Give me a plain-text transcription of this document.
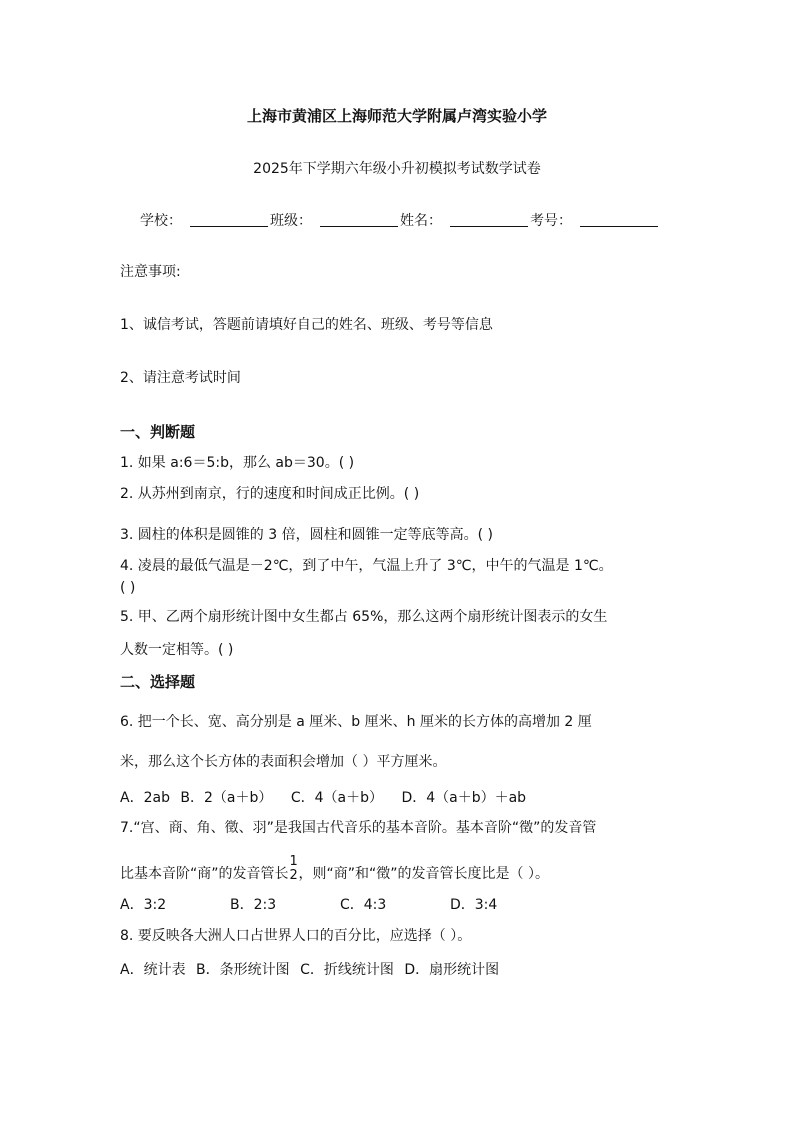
上海市黄浦区上海师范大学附属卢湾实验小学
2025年下学期六年级小升初模拟考试数学试卷
学校：	班级：	姓名：	考号：
注意事项:
1、诚信考试，答题前请填好自己的姓名、班级、考号等信息
2、请注意考试时间
一、判断题
1. 如果 a:6＝5:b，那么 ab＝30。( )
2. 从苏州到南京，行的速度和时间成正比例。( )
3. 圆柱的体积是圆锥的 3 倍，圆柱和圆锥一定等底等高。( )
4. 凌晨的最低气温是－2℃，到了中午，气温上升了 3℃，中午的气温是 1℃。
( )
5. 甲、乙两个扇形统计图中女生都占 65%，那么这两个扇形统计图表示的女生
人数一定相等。( )
二、选择题
6. 把一个长、宽、高分别是 a 厘米、b 厘米、h 厘米的长方体的高增加 2 厘
米，那么这个长方体的表面积会增加（ ）平方厘米。
A．2ab B．2（a＋b） C．4（a＋b） D．4（a＋b）＋ab
7.“宫、商、角、徵、羽”是我国古代音乐的基本音阶。基本音阶“徵”的发音管
比基本音阶“商”的发音管长
1
2 ，则“商”和“徵”的发音管长度比是（ ）。
A．3:2	B．2:3	C．4:3	D．3:4
8. 要反映各大洲人口占世界人口的百分比，应选择（ ）。
A．统计表 B．条形统计图 C．折线统计图 D．扇形统计图
